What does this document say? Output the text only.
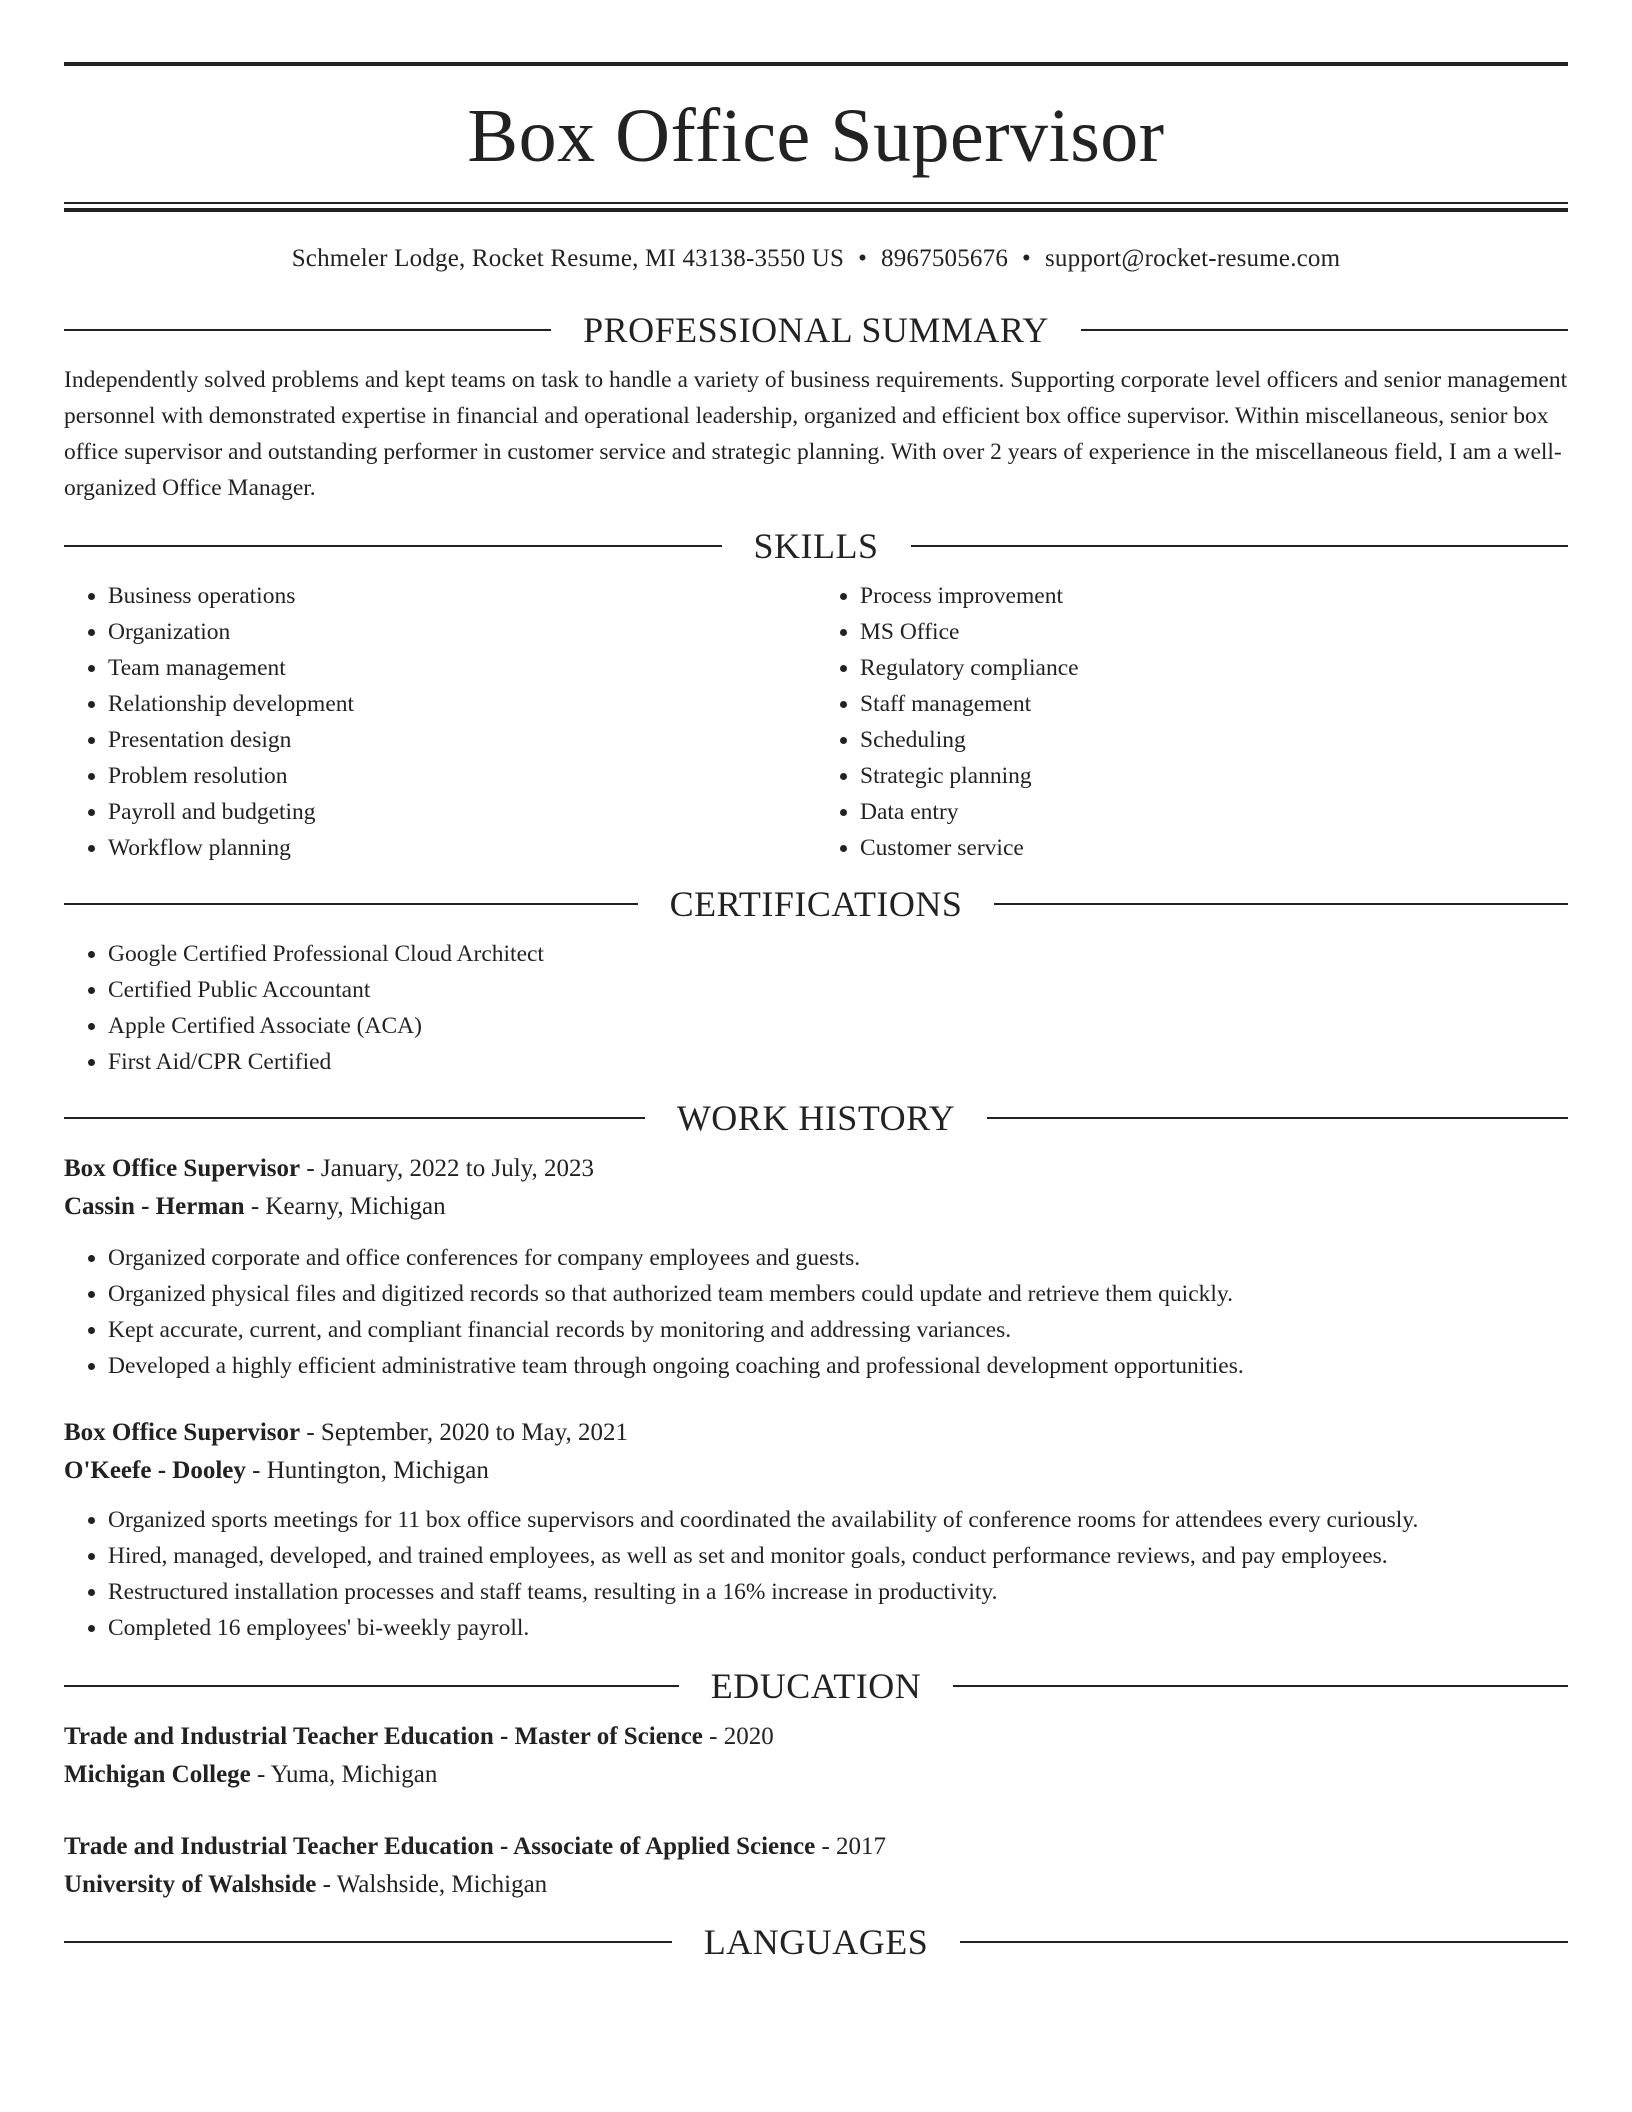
Box Office Supervisor
Schmeler Lodge, Rocket Resume, MI 43138-3550 US • 8967505676 • support@rocket-resume.com
PROFESSIONAL SUMMARY

Independently solved problems and kept teams on task to handle a variety of business requirements. Supporting corporate level officers and senior management personnel with demonstrated expertise in financial and operational leadership, organized and efficient box office supervisor. Within miscellaneous, senior box office supervisor and outstanding performer in customer service and strategic planning. With over 2 years of experience in the miscellaneous field, I am a well-organized Office Manager.

SKILLS
• Business operations
• Organization
• Team management
• Relationship development
• Presentation design
• Problem resolution
• Payroll and budgeting
• Workflow planning
• Process improvement
• MS Office
• Regulatory compliance
• Staff management
• Scheduling
• Strategic planning
• Data entry
• Customer service
CERTIFICATIONS
• Google Certified Professional Cloud Architect
• Certified Public Accountant
• Apple Certified Associate (ACA)
• First Aid/CPR Certified
WORK HISTORY
Box Office Supervisor - January, 2022 to July, 2023
Cassin - Herman - Kearny, Michigan
• Organized corporate and office conferences for company employees and guests.
• Organized physical files and digitized records so that authorized team members could update and retrieve them quickly.
• Kept accurate, current, and compliant financial records by monitoring and addressing variances.
• Developed a highly efficient administrative team through ongoing coaching and professional development opportunities.
Box Office Supervisor - September, 2020 to May, 2021
O'Keefe - Dooley - Huntington, Michigan
• Organized sports meetings for 11 box office supervisors and coordinated the availability of conference rooms for attendees every curiously.
• Hired, managed, developed, and trained employees, as well as set and monitor goals, conduct performance reviews, and pay employees.
• Restructured installation processes and staff teams, resulting in a 16% increase in productivity.
• Completed 16 employees' bi-weekly payroll.
EDUCATION
Trade and Industrial Teacher Education - Master of Science - 2020
Michigan College - Yuma, Michigan
Trade and Industrial Teacher Education - Associate of Applied Science - 2017
University of Walshside - Walshside, Michigan
LANGUAGES
